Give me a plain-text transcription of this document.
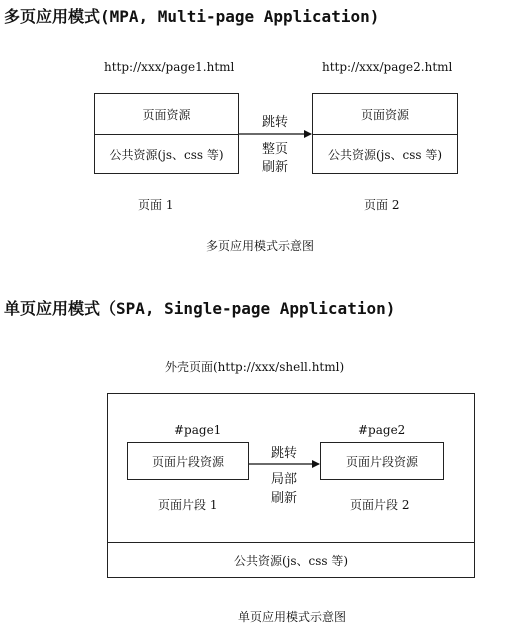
多页应用模式(MPA, Multi-page Application)
http://xxx/page1.html	http://xxx/page2.html
页面资源
公共资源(js、css 等)
页面资源
公共资源(js、css 等)
跳转
整页
刷新
页面 1	页面 2
多页应用模式示意图
单页应用模式（SPA, Single-page Application)
外壳页面(http://xxx/shell.html)
公共资源(js、css 等)
#page1	#page2
页面片段资源	页面片段资源
跳转
局部
刷新
页面片段 1	页面片段 2
单页应用模式示意图
